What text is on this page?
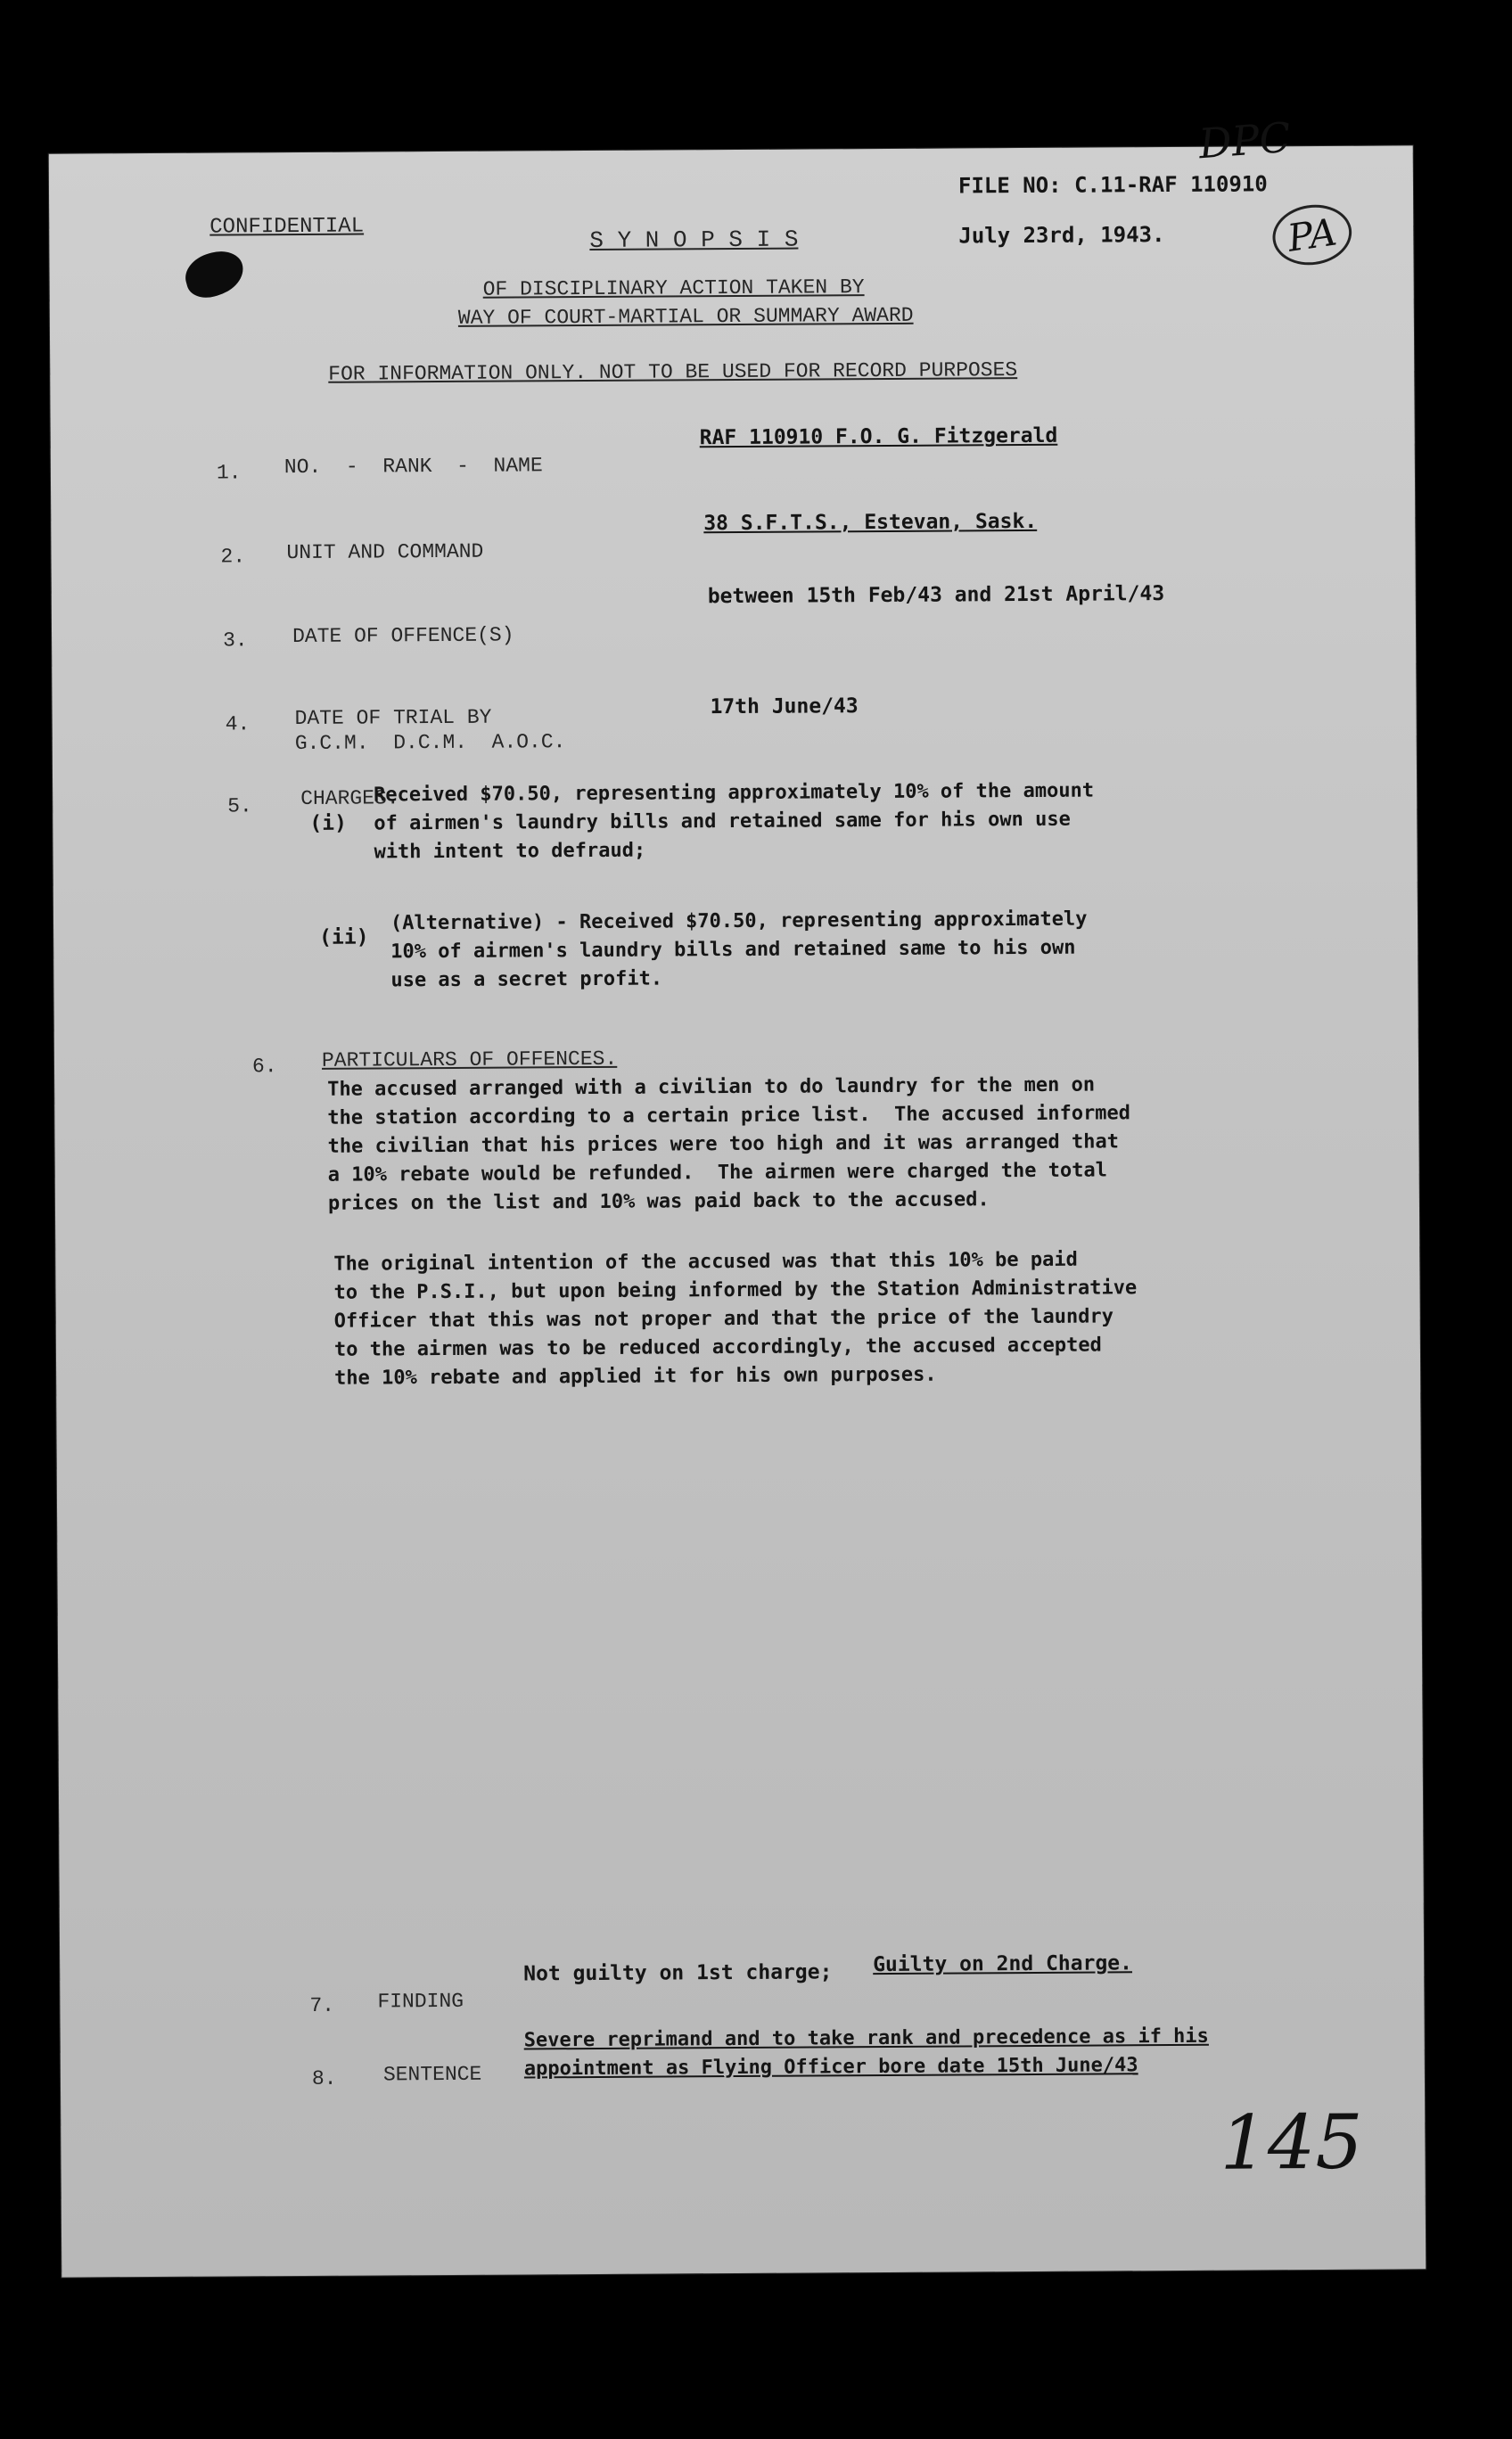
DPC
PA
CONFIDENTIAL
FILE NO: C.11-RAF 110910
July 23rd, 1943.
S Y N O P S I S
OF DISCIPLINARY ACTION TAKEN BY
WAY OF COURT-MARTIAL OR SUMMARY AWARD
FOR INFORMATION ONLY. NOT TO BE USED FOR RECORD PURPOSES
1. NO.  -  RANK  -  NAME
RAF 110910 F.O. G. Fitzgerald
2. UNIT AND COMMAND
38 S.F.T.S., Estevan, Sask.
3. DATE OF OFFENCE(S)
between 15th Feb/43 and 21st April/43
4. DATE OF TRIAL BY
G.C.M.  D.C.M.  A.O.C.
17th June/43
5. CHARGES.
(i)
Received $70.50, representing approximately 10% of the amount
of airmen's laundry bills and retained same for his own use
with intent to defraud;
(ii)
(Alternative) - Received $70.50, representing approximately
10% of airmen's laundry bills and retained same to his own
use as a secret profit.
6. PARTICULARS OF OFFENCES.
The accused arranged with a civilian to do laundry for the men on
the station according to a certain price list.  The accused informed
the civilian that his prices were too high and it was arranged that
a 10% rebate would be refunded.  The airmen were charged the total
prices on the list and 10% was paid back to the accused.
The original intention of the accused was that this 10% be paid
to the P.S.I., but upon being informed by the Station Administrative
Officer that this was not proper and that the price of the laundry
to the airmen was to be reduced accordingly, the accused accepted
the 10% rebate and applied it for his own purposes.
7. FINDING
Not guilty on 1st charge; Guilty on 2nd Charge.
8. SENTENCE
Severe reprimand and to take rank and precedence as if his
appointment as Flying Officer bore date 15th June/43
145
